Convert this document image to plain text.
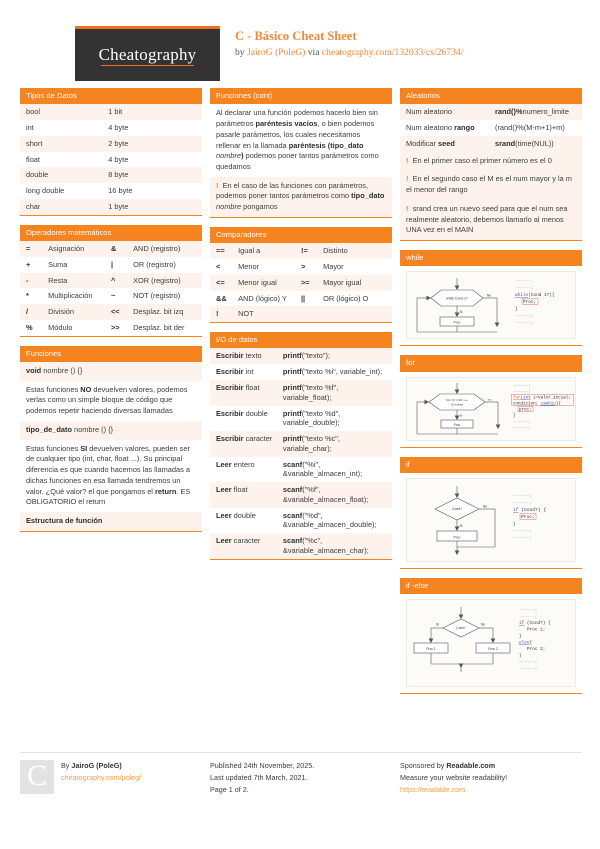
Cheatography
C - Básico Cheat Sheet
by JairoG (PoleG) via cheatography.com/132033/cs/26734/
Tipos de Datos
bool	1 bit
int	4 byte
short	2 byte
float	4 byte
double	8 byte
long double	16 byte
char	1 byte
Operadores matemáticos
=	Asignación	&	AND (registro)
+	Suma	|	OR (registro)
-	Resta	^	XOR (registro)
*	Multiplicación	~	NOT (registro)
/	División	<<	Desplaz. bit izq
%	Módulo	>>	Desplaz. bit der
Funciones
void nombre () {}
Estas funciones NO devuelven valores, podemos verlas como un simple bloque de código que podemos repetir haciendo diversas llamadas
tipo_de_dato nombre () {}
Estas funciones SI devuelven valores, pueden ser de cualquier tipo (int, char, float ...). Su principal diferencia es que cuando hacemos las llamadas a dichas funciones en esa llamada tendremos un valor. ¿Qué valor? el que pongamos el return. ES OBLIGATORIO el return
Estructura de función
Funciones (cont)
Al declarar una función podemos hacerlo bien sin parámetros paréntesis vacíos, o bien podemos pasarle parámetros, los cuales necesitamos rellenar en la llamada paréntesis (tipo_dato nombre) podemos poner tantos parámetros como quedamos
! En el caso de las funciones con parámetros, podemos poner tantos parámetros como tipo_dato nombre pongamos
Comparadores
==	Igual a	!=	Distinto
<	Menor	>	Mayor
<=	Menor igual	>=	Mayor igual
&&	AND (lógico) Y	||	OR (lógico) O
!	NOT
I/O de datos
Escribir texto	printf("texto");
Escribir int	printf("texto %i", variable_int);
Escribir float	printf("texto %f", variable_float);
Escribir double	printf("texto %d", variable_double);
Escribir caracter	printf("texto %c", variable_char);
Leer entero	scanf("%i", &variable_almacen_int);
Leer float	scanf("%f", &variable_almacen_float);
Leer double	scanf("%d", &variable_almacen_double);
Leer caracter	scanf("%c", &variable_almacen_char);
Aleatorios
Num aleatorio	rand()%numero_limite
Num aleatorio rango	(rand()%(M-m+1)+m)
Modificar seed	srand(time(NUL))
! En el primer caso el primer número es el 0
! En el segundo caso el M es el num mayor y la m el menor del rango
! srand crea un nuevo seed para que el num sea realmente aleatorio, debemos llamarlo al menos UNA vez en el MAIN
while
while Cond 1?
Proc
Si
No
------;
------;
while(Cond 1?){
Proc;
}
------;
------;
for
for i=0; i<20; i++
(Si existe)
Proc
Si
no
------;
------;
for(int i=valor_incial;
condicion; cambio){
proc;
}
------;
------;
if
Cond?
Proc
Si
No
------;
------;
if (Cond?) {
Proc;
}
------;
------;
if -else
Cond?
Proc 1	Proc 2
Si	No
------;
------;
if (Cond?) {
Proc 1;
}
else{
Proc 2;
}
------;
------;
C	By JairoG (PoleG)
cheatography.com/poleg/
Published 24th November, 2025.
Last updated 7th March, 2021.
Page 1 of 2.
Sponsored by Readable.com
Measure your website readability!
https://readable.com
